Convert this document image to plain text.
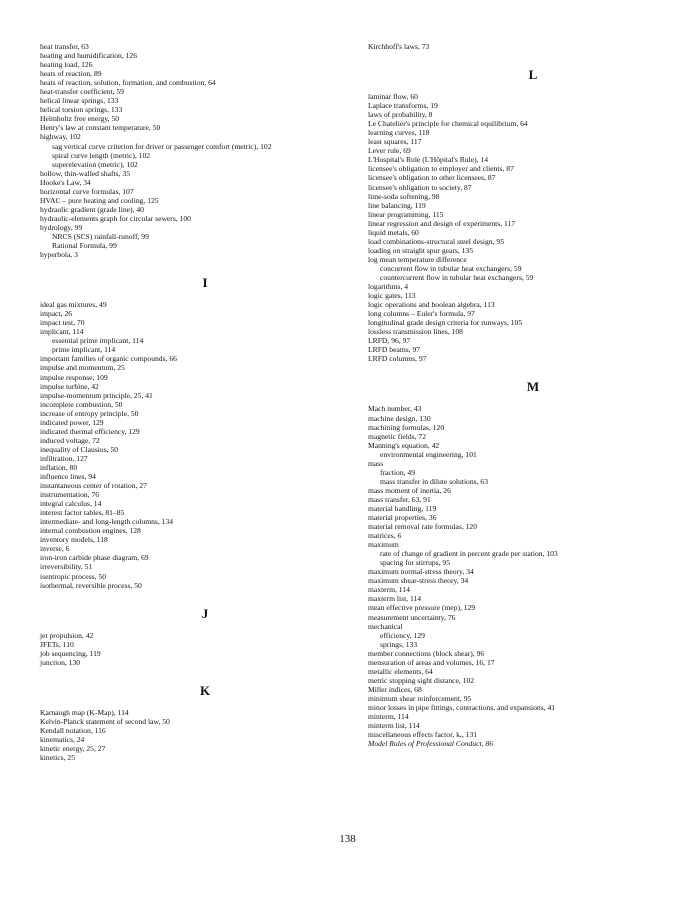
heat transfer, 63
heating and humidification, 126
heating load, 126
heats of reaction, 89
heats of reaction, solution, formation, and combustion, 64
heat-transfer coefficient, 59
helical linear springs, 133
helical torsion springs, 133
Helmholtz free energy, 50
Henry's law at constant temperature, 50
highway, 102
sag vertical curve criterion for driver or passenger comfort (metric), 102
spiral curve length (metric), 102
superelevation (metric), 102
hollow, thin-walled shafts, 35
Hooke's Law, 34
horizontal curve formulas, 107
HVAC – pure heating and cooling, 125
hydraulic gradient (grade line), 40
hydraulic-elements graph for circular sewers, 100
hydrology, 99
NRCS (SCS) rainfall-runoff, 99
Rational Formula, 99
hyperbola, 3
I
ideal gas mixtures, 49
impact, 26
impact test, 70
implicant, 114
essential prime implicant, 114
prime implicant, 114
important families of organic compounds, 66
impulse and momentum, 25
impulse response, 109
impulse turbine, 42
impulse-momentum principle, 25, 41
incomplete combustion, 50
increase of entropy principle, 50
indicated power, 129
indicated thermal efficiency, 129
induced voltage, 72
inequality of Clausius, 50
infiltration, 127
inflation, 80
influence lines, 94
instantaneous center of rotation, 27
instrumentation, 76
integral calculus, 14
interest factor tables, 81–85
intermediate- and long-length columns, 134
internal combustion engines, 128
inventory models, 118
inverse, 6
iron-iron carbide phase diagram, 69
irreversibility, 51
isentropic process, 50
isothermal, reversible process, 50
J
jet propulsion, 42
JFETs, 110
job sequencing, 119
junction, 130
K
Karnaugh map (K-Map), 114
Kelvin-Planck statement of second law, 50
Kendall notation, 116
kinematics, 24
kinetic energy, 25, 27
kinetics, 25
Kirchhoff's laws, 73
L
laminar flow, 60
Laplace transforms, 19
laws of probability, 8
Le Chatelier's principle for chemical equilibrium, 64
learning curves, 118
least squares, 117
Lever rule, 69
L'Hospital's Rule (L'Hôpital's Rule), 14
licensee's obligation to employer and clients, 87
licensee's obligation to other licensees, 87
licensee's obligation to society, 87
lime-soda softening, 98
line balancing, 119
linear programming, 115
linear regression and design of experiments, 117
liquid metals, 60
load combinations-structural steel design, 95
loading on straight spur gears, 135
log mean temperature difference
concurrent flow in tubular heat exchangers, 59
countercurrent flow in tubular heat exchangers, 59
logarithms, 4
logic gates, 113
logic operations and boolean algebra, 113
long columns – Euler's formula, 97
longitudinal grade design criteria for runways, 105
lossless transmission lines, 108
LRFD, 96, 97
LRFD beams, 97
LRFD columns, 97
M
Mach number, 43
machine design, 130
machining formulas, 120
magnetic fields, 72
Manning's equation, 42
environmental engineering, 101
mass
fraction, 49
mass transfer in dilute solutions, 63
mass moment of inertia, 26
mass transfer, 63, 91
material handling, 119
material properties, 36
material removal rate formulas, 120
matrices, 6
maximum
rate of change of gradient in percent grade per station, 103
spacing for stirrups, 95
maximum normal-stress theory, 34
maximum shear-stress theory, 34
maxterm, 114
maxterm list, 114
mean effective pressure (mep), 129
measurement uncertainty, 76
mechanical
efficiency, 129
springs, 133
member connections (block shear), 96
mensuration of areas and volumes, 16, 17
metallic elements, 64
metric stopping sight distance, 102
Miller indices, 68
minimum shear reinforcement, 95
minor losses in pipe fittings, contractions, and expansions, 41
minterm, 114
minterm list, 114
miscellaneous effects factor, kₑ, 131
Model Rules of Professional Conduct, 86
138
